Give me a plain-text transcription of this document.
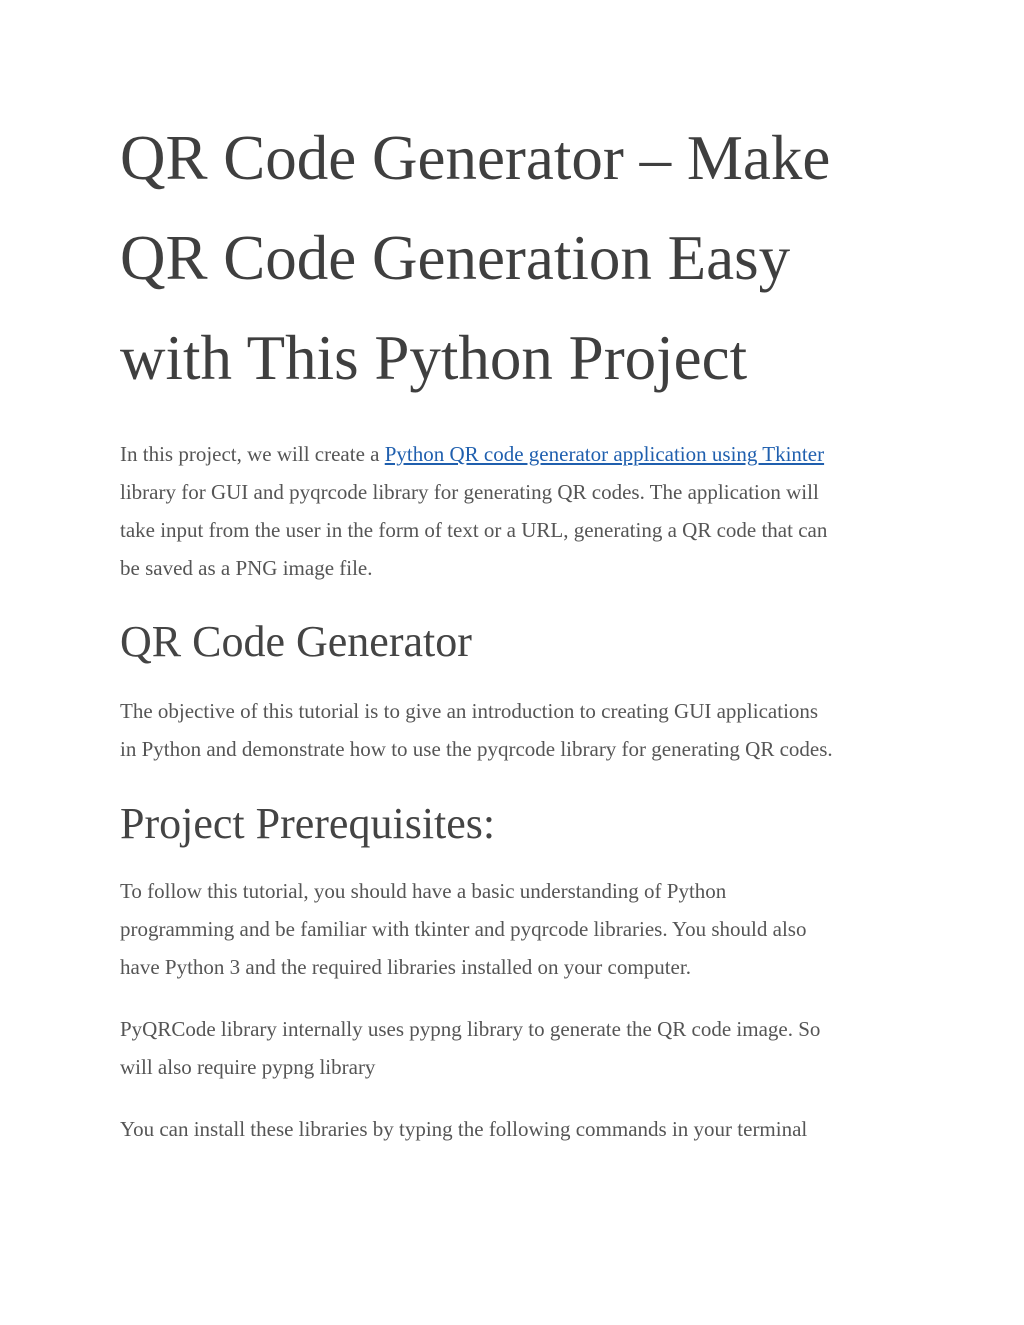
QR Code Generator – Make
QR Code Generation Easy
with This Python Project
In this project, we will create a Python QR code generator application using Tkinter
library for GUI and pyqrcode library for generating QR codes. The application will
take input from the user in the form of text or a URL, generating a QR code that can
be saved as a PNG image file.
QR Code Generator
The objective of this tutorial is to give an introduction to creating GUI applications
in Python and demonstrate how to use the pyqrcode library for generating QR codes.
Project Prerequisites:
To follow this tutorial, you should have a basic understanding of Python
programming and be familiar with tkinter and pyqrcode libraries. You should also
have Python 3 and the required libraries installed on your computer.
PyQRCode library internally uses pypng library to generate the QR code image. So
will also require pypng library
You can install these libraries by typing the following commands in your terminal
